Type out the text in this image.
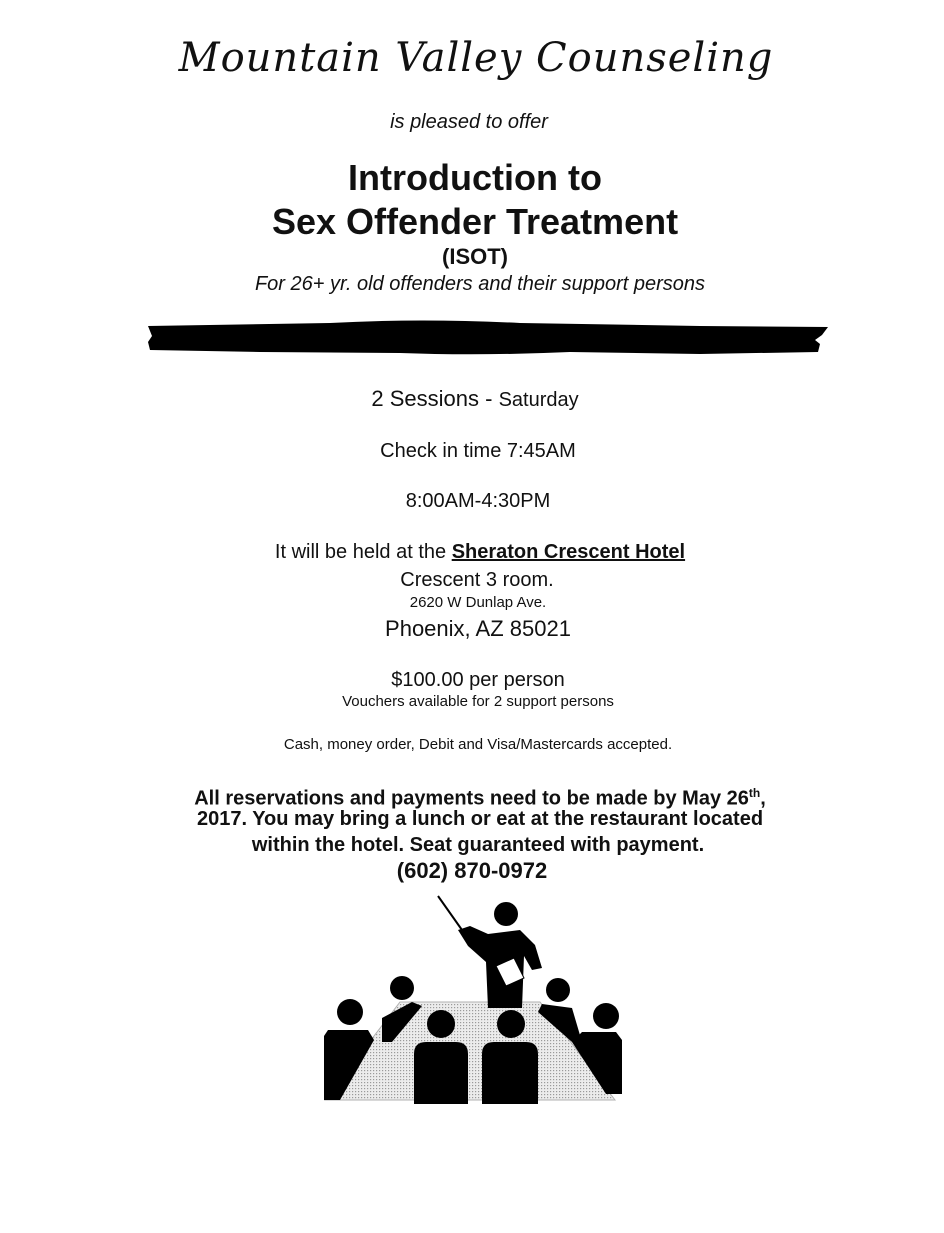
Mountain Valley Counseling
is pleased to offer
Introduction to
Sex Offender Treatment
(ISOT)
For 26+ yr. old offenders and their support persons
2 Sessions - Saturday
Check in time 7:45AM
8:00AM-4:30PM
It will be held at the Sheraton Crescent Hotel
Crescent 3 room.
2620 W Dunlap Ave.
Phoenix, AZ 85021
$100.00 per person
Vouchers available for 2 support persons
Cash, money order, Debit and Visa/Mastercards accepted.
All reservations and payments need to be made by May 26th,
2017. You may bring a lunch or eat at the restaurant located
within the hotel. Seat guaranteed with payment.
(602) 870-0972
